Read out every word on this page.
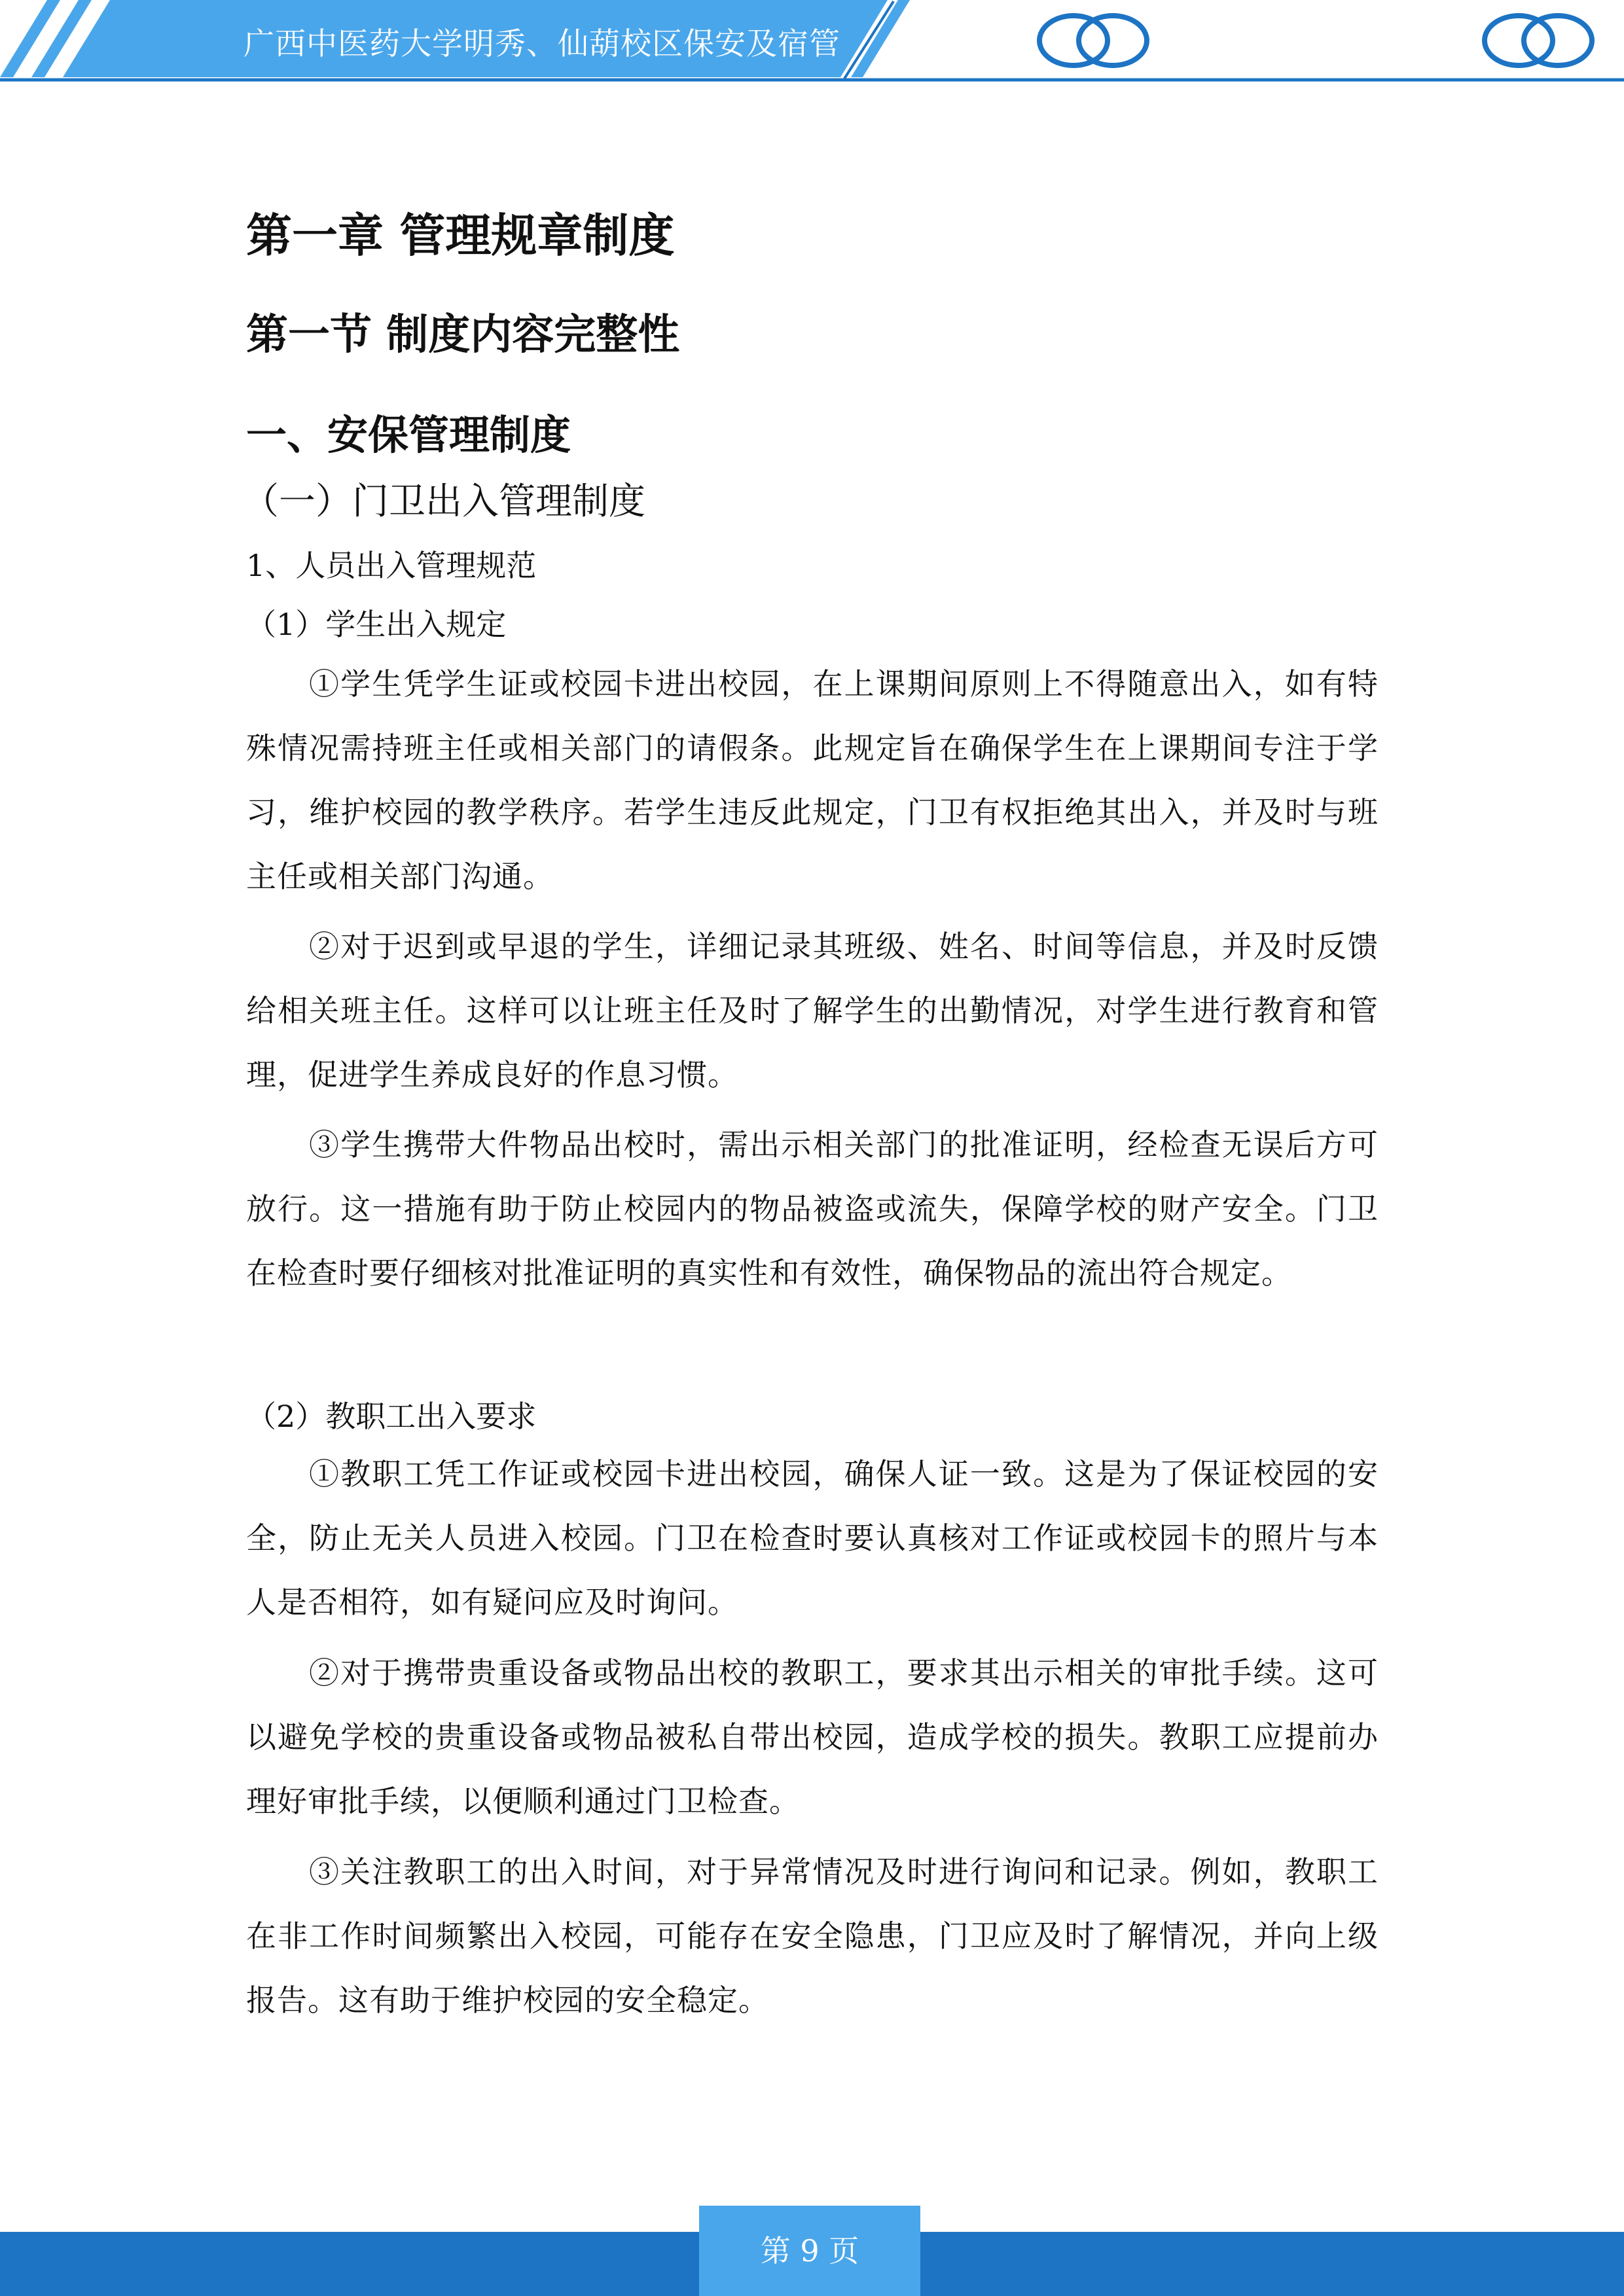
广西中医药大学明秀、仙葫校区保安及宿管
第一章 管理规章制度
第一节 制度内容完整性
一、安保管理制度
（一）门卫出入管理制度
1、人员出入管理规范
（1）学生出入规定
①学生凭学生证或校园卡进出校园，在上课期间原则上不得随意出入，如有特殊情况需持班主任或相关部门的请假条。此规定旨在确保学生在上课期间专注于学习，维护校园的教学秩序。若学生违反此规定，门卫有权拒绝其出入，并及时与班主任或相关部门沟通。
②对于迟到或早退的学生，详细记录其班级、姓名、时间等信息，并及时反馈给相关班主任。这样可以让班主任及时了解学生的出勤情况，对学生进行教育和管理，促进学生养成良好的作息习惯。
③学生携带大件物品出校时，需出示相关部门的批准证明，经检查无误后方可放行。这一措施有助于防止校园内的物品被盗或流失，保障学校的财产安全。门卫在检查时要仔细核对批准证明的真实性和有效性，确保物品的流出符合规定。
（2）教职工出入要求
①教职工凭工作证或校园卡进出校园，确保人证一致。这是为了保证校园的安全，防止无关人员进入校园。门卫在检查时要认真核对工作证或校园卡的照片与本人是否相符，如有疑问应及时询问。
②对于携带贵重设备或物品出校的教职工，要求其出示相关的审批手续。这可以避免学校的贵重设备或物品被私自带出校园，造成学校的损失。教职工应提前办理好审批手续，以便顺利通过门卫检查。
③关注教职工的出入时间，对于异常情况及时进行询问和记录。例如，教职工在非工作时间频繁出入校园，可能存在安全隐患，门卫应及时了解情况，并向上级报告。这有助于维护校园的安全稳定。
第 9 页
